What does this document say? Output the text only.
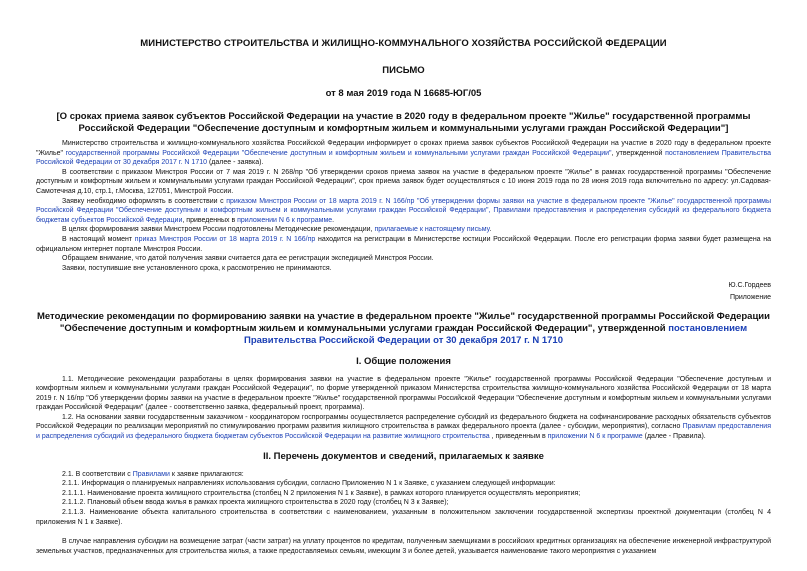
МИНИСТЕРСТВО СТРОИТЕЛЬСТВА И ЖИЛИЩНО-КОММУНАЛЬНОГО ХОЗЯЙСТВА РОССИЙСКОЙ ФЕДЕРАЦИИ
ПИСЬМО
от 8 мая 2019 года N 16685-ЮГ/05
[О сроках приема заявок субъектов Российской Федерации на участие в 2020 году в федеральном проекте "Жилье" государственной программы Российской Федерации "Обеспечение доступным и комфортным жильем и коммунальными услугами граждан Российской Федерации"]

Министерство строительства и жилищно-коммунального хозяйства Российской Федерации информирует о сроках приема заявок субъектов Российской Федерации на участие в 2020 году в федеральном проекте "Жилье" государственной программы Российской Федерации "Обеспечение доступным и комфортным жильем и коммунальными услугами граждан Российской Федерации", утвержденной постановлением Правительства Российской Федерации от 30 декабря 2017 г. N 1710 (далее - заявка).

В соответствии с приказом Минстроя России от 7 мая 2019 г. N 268/пр "Об утверждении сроков приема заявок на участие в федеральном проекте "Жилье" в рамках государственной программы "Обеспечение доступным и комфортным жильем и коммунальными услугами граждан Российской Федерации", срок приема заявок будет осуществляться с 10 июня 2019 года по 28 июня 2019 года включительно по адресу: ул.Садовая-Самотечная д.10, стр.1, г.Москва, 127051, Минстрой России.

Заявку необходимо оформлять в соответствии с приказом Минстроя России от 18 марта 2019 г. N 166/пр "Об утверждении формы заявки на участие в федеральном проекте "Жилье" государственной программы Российской Федерации "Обеспечение доступным и комфортным жильем и коммунальными услугами граждан Российской Федерации", Правилами предоставления и распределения субсидий из федерального бюджета бюджетам субъектов Российской Федерации, приведенных в приложении N 6 к программе.

В целях формирования заявки Минстроем России подготовлены Методические рекомендации, прилагаемые к настоящему письму.

В настоящий момент приказ Минстроя России от 18 марта 2019 г. N 166/пр находится на регистрации в Министерстве юстиции Российской Федерации. После его регистрации форма заявки будет размещена на официальном интернет портале Минстроя России.

Обращаем внимание, что датой получения заявки считается дата ее регистрации экспедицией Минстроя России.

Заявки, поступившие вне установленного срока, к рассмотрению не принимаются.

Ю.С.Гордеев
Приложение
Методические рекомендации по формированию заявки на участие в федеральном проекте "Жилье" государственной программы Российской Федерации "Обеспечение доступным и комфортным жильем и коммунальными услугами граждан Российской Федерации", утвержденной постановлением Правительства Российской Федерации от 30 декабря 2017 г. N 1710
I. Общие положения

1.1. Методические рекомендации разработаны в целях формирования заявки на участие в федеральном проекте "Жилье" государственной программы Российской Федерации "Обеспечение доступным и комфортным жильем и коммунальными услугами граждан Российской Федерации", по форме утвержденной приказом Министерства строительства жилищно-коммунального хозяйства Российской Федерации от 18 марта 2019 г. N 16/пр "Об утверждении формы заявки на участие в федеральном проекте "Жилье" государственной программы Российской Федерации "Обеспечение доступным и комфортным жильем и коммунальными услугами граждан Российской Федерации" (далее - соответственно заявка, федеральный проект, программа).

1.2. На основании заявки государственным заказчиком - координатором госпрограммы осуществляется распределение субсидий из федерального бюджета на софинансирование расходных обязательств субъектов Российской Федерации по реализации мероприятий по стимулированию программ развития жилищного строительства в рамках федерального проекта (далее - субсидии, мероприятия), согласно Правилам предоставления и распределения субсидий из федерального бюджета бюджетам субъектов Российской Федерации на развитие жилищного строительства , приведенным в приложении N 6 к программе (далее - Правила).

II. Перечень документов и сведений, прилагаемых к заявке

2.1. В соответствии с Правилами к заявке прилагаются:

2.1.1. Информация о планируемых направлениях использования субсидии, согласно Приложению N 1 к Заявке, с указанием следующей информации:

2.1.1.1. Наименование проекта жилищного строительства (столбец N 2 приложения N 1 к Заявке), в рамках которого планируется осуществлять мероприятия;

2.1.1.2. Плановый объем ввода жилья в рамках проекта жилищного строительства в 2020 году (столбец N 3 к Заявке);

2.1.1.3. Наименование объекта капитального строительства в соответствии с наименованием, указанным в положительном заключении государственной экспертизы проектной документации (столбец N 4 приложения N 1 к Заявке).

В случае направления субсидии на возмещение затрат (части затрат) на уплату процентов по кредитам, полученным заемщиками в российских кредитных организациях на обеспечение инженерной инфраструктурой земельных участков, предназначенных для строительства жилья, а также предоставляемых семьям, имеющим 3 и более детей, указывается наименование такого мероприятия с указанием
